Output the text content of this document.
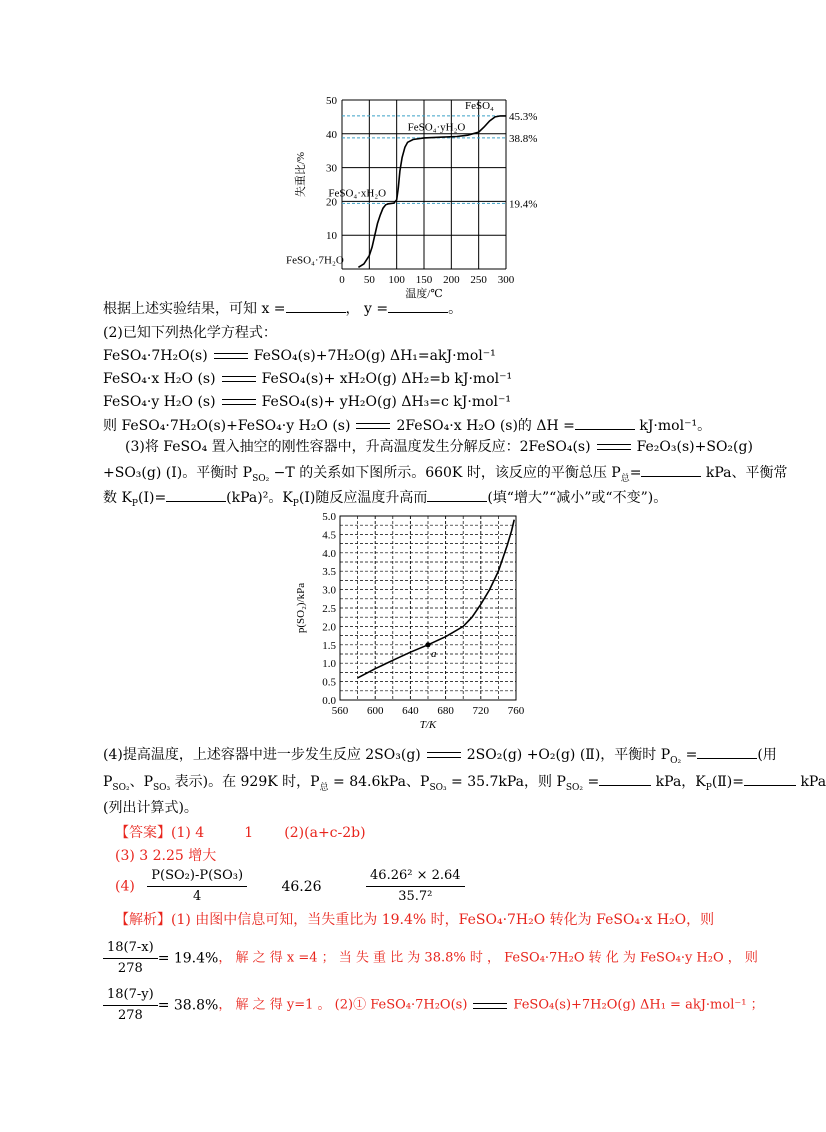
0 50 100 150 200 250 300
10
20
30
40
50
温度/℃
失重比/%
45.3%
38.8%
19.4%
FeSO₄·7H₂O
FeSO₄·xH₂O
FeSO₄·yH₂O
FeSO₄
根据上述实验结果，可知 x =	， y =	。
(2)已知下列热化学方程式：
FeSO₄·7H₂O(s)	FeSO₄(s)+7H₂O(g) ΔH₁=akJ·mol⁻¹
FeSO₄·x H₂O (s)	FeSO₄(s)+ xH₂O(g) ΔH₂=b kJ·mol⁻¹
FeSO₄·y H₂O (s)	FeSO₄(s)+ yH₂O(g) ΔH₃=c kJ·mol⁻¹
则 FeSO₄·7H₂O(s)+FeSO₄·y H₂O (s)	2FeSO₄·x H₂O (s)的 ΔH =	kJ·mol⁻¹。
(3)将 FeSO₄ 置入抽空的刚性容器中，升高温度发生分解反应：2FeSO₄(s)	Fe₂O₃(s)+SO₂(g)
+SO₃(g) (Ⅰ)。平衡时 $P_{SO_2} -T$ 的关系如下图所示。660K 时，该反应的平衡总压 $P_总=$	kPa、平衡常
数 $K_P(Ⅰ)=$	(kPa)²。$K_P(Ⅰ)$随反应温度升高而	(填“增大”“减小”或“不变”)。
560 600 640 680 720 760
0.0
0.5
1.0
1.5
2.0
2.5
3.0
3.5
4.0
4.5
5.0
T/K
p(SO₂)/kPa
a
(4)提高温度，上述容器中进一步发生反应 2SO₃(g)	2SO₂(g) +O₂(g) (Ⅱ)，平衡时 $P_{O_2}$ =	(用
$P_{SO_2}$、$P_{SO_3}$ 表示)。在 929K 时，$P_总 = 84.6kPa$、$P_{SO_3} = 35.7kPa$，则 $P_{SO_2}$ =	kPa，$K_P(Ⅱ)=$	kPa
(列出计算式)。
【答案】(1) 4         1       (2)(a+c-2b)
(3) 3 2.25 增大
$(4) \frac{\text{P(SO₂)-P(SO₃)}}{4} 46.26$	$\frac{\text{46.26² × 2.64}}{\text{35.7²}}$
【解析】(1) 由图中信息可知，当失重比为 19.4% 时，FeSO₄·7H₂O 转化为 FeSO₄·x H₂O，则
$\frac{18(7-x)}{278} = 19.4\%$， 解 之 得 x =4 ； 当 失 重 比 为 38.8% 时 ， FeSO₄·7H₂O 转 化 为 FeSO₄·y H₂O ， 则
$\frac{18(7-y)}{278} = 38.8\%$， 解 之 得 y=1 。 (2)① FeSO₄·7H₂O(s)	FeSO₄(s)+7H₂O(g) ΔH₁ = akJ·mol⁻¹ ；
